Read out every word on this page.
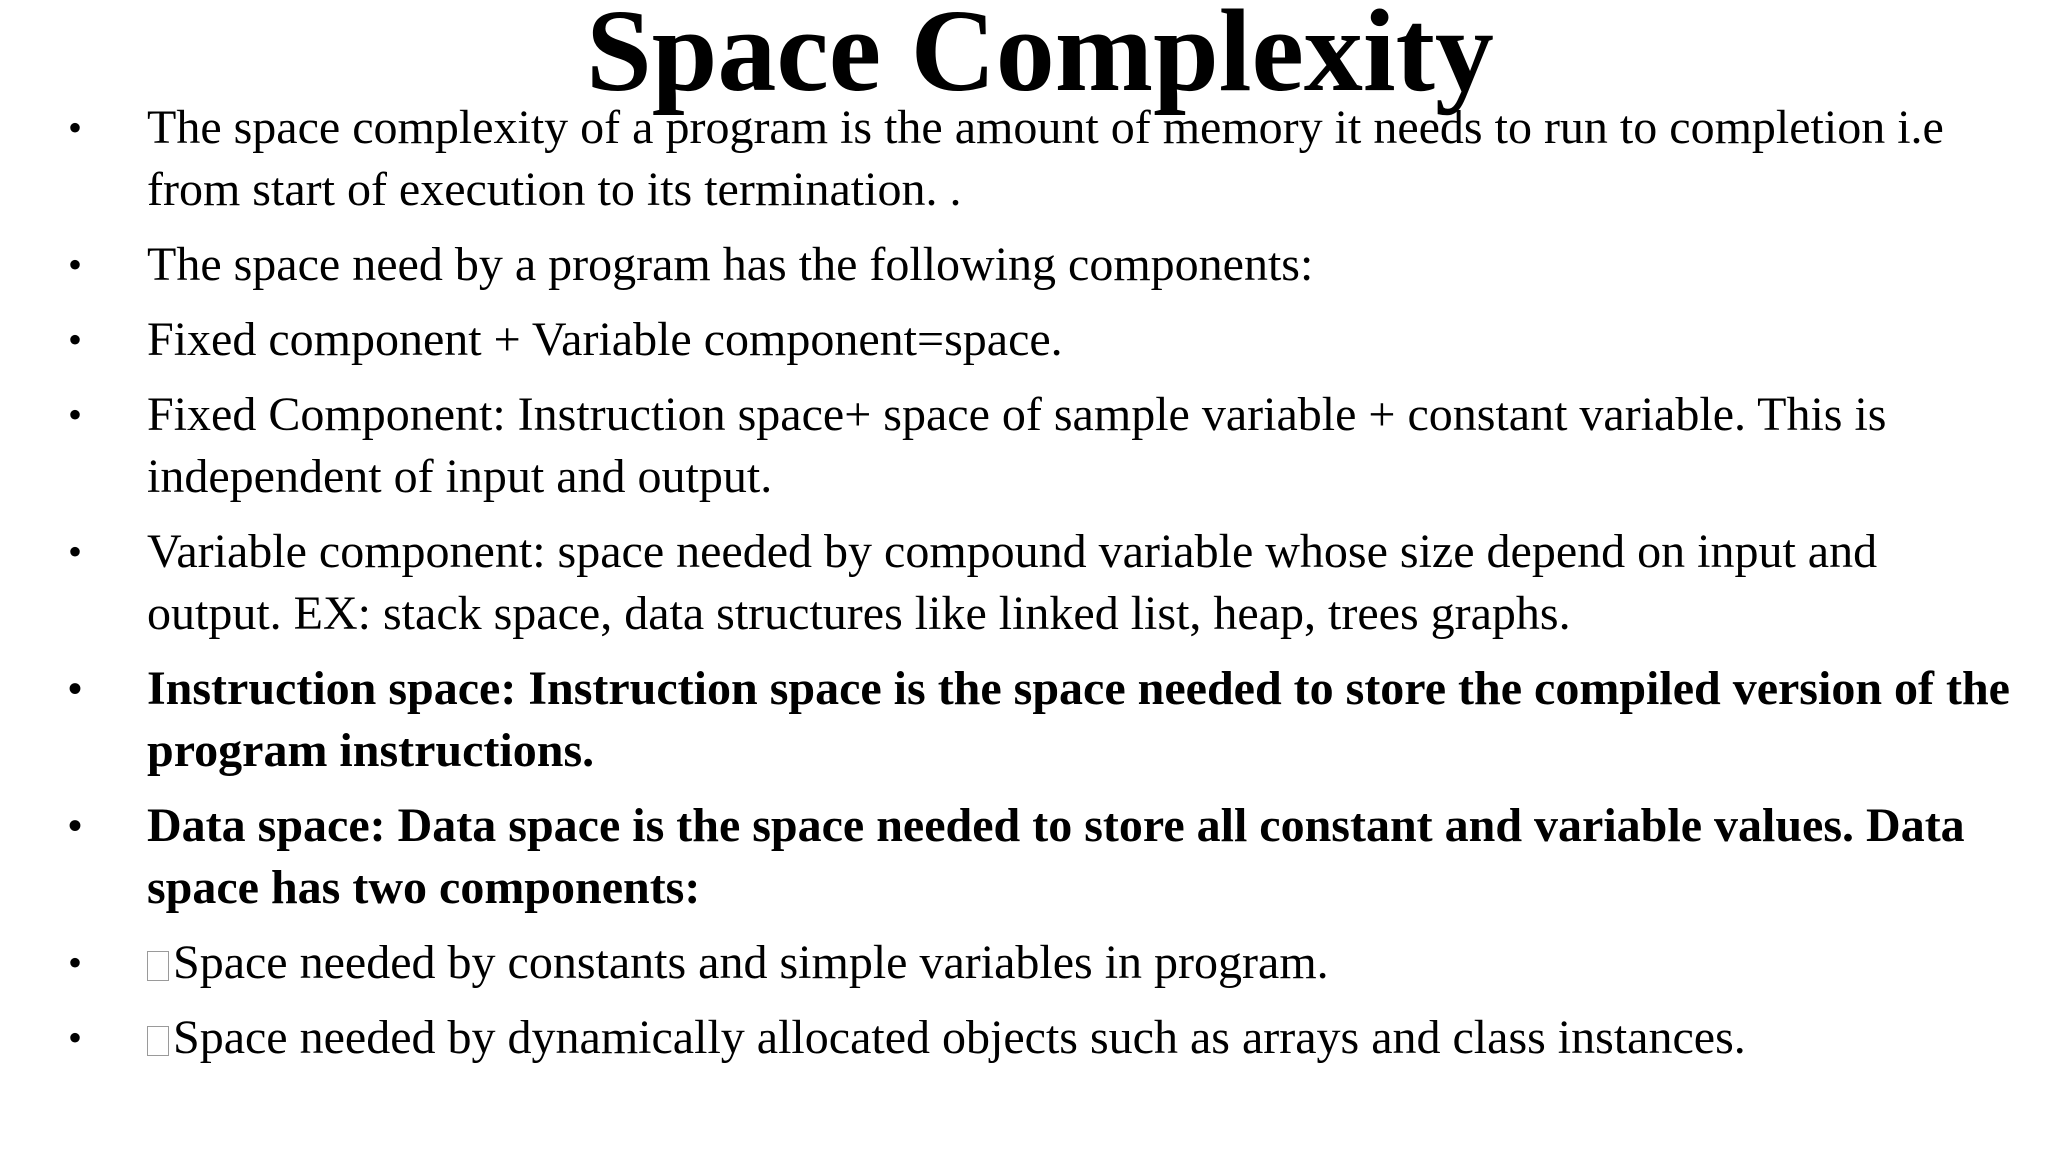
Space Complexity
• The space complexity of a program is the amount of memory it needs to run to completion i.e from start of execution to its termination. .
• The space need by a program has the following components:
• Fixed component + Variable component=space.
• Fixed Component: Instruction space+ space of sample variable + constant variable. This is independent of input and output.
• Variable component: space needed by compound variable whose size depend on input and output. EX: stack space, data structures like linked list, heap, trees graphs.
• Instruction space: Instruction space is the space needed to store the compiled version of the program instructions.
• Data space: Data space is the space needed to store all constant and variable values. Data space has two components:
• Space needed by constants and simple variables in program.
• Space needed by dynamically allocated objects such as arrays and class instances.
